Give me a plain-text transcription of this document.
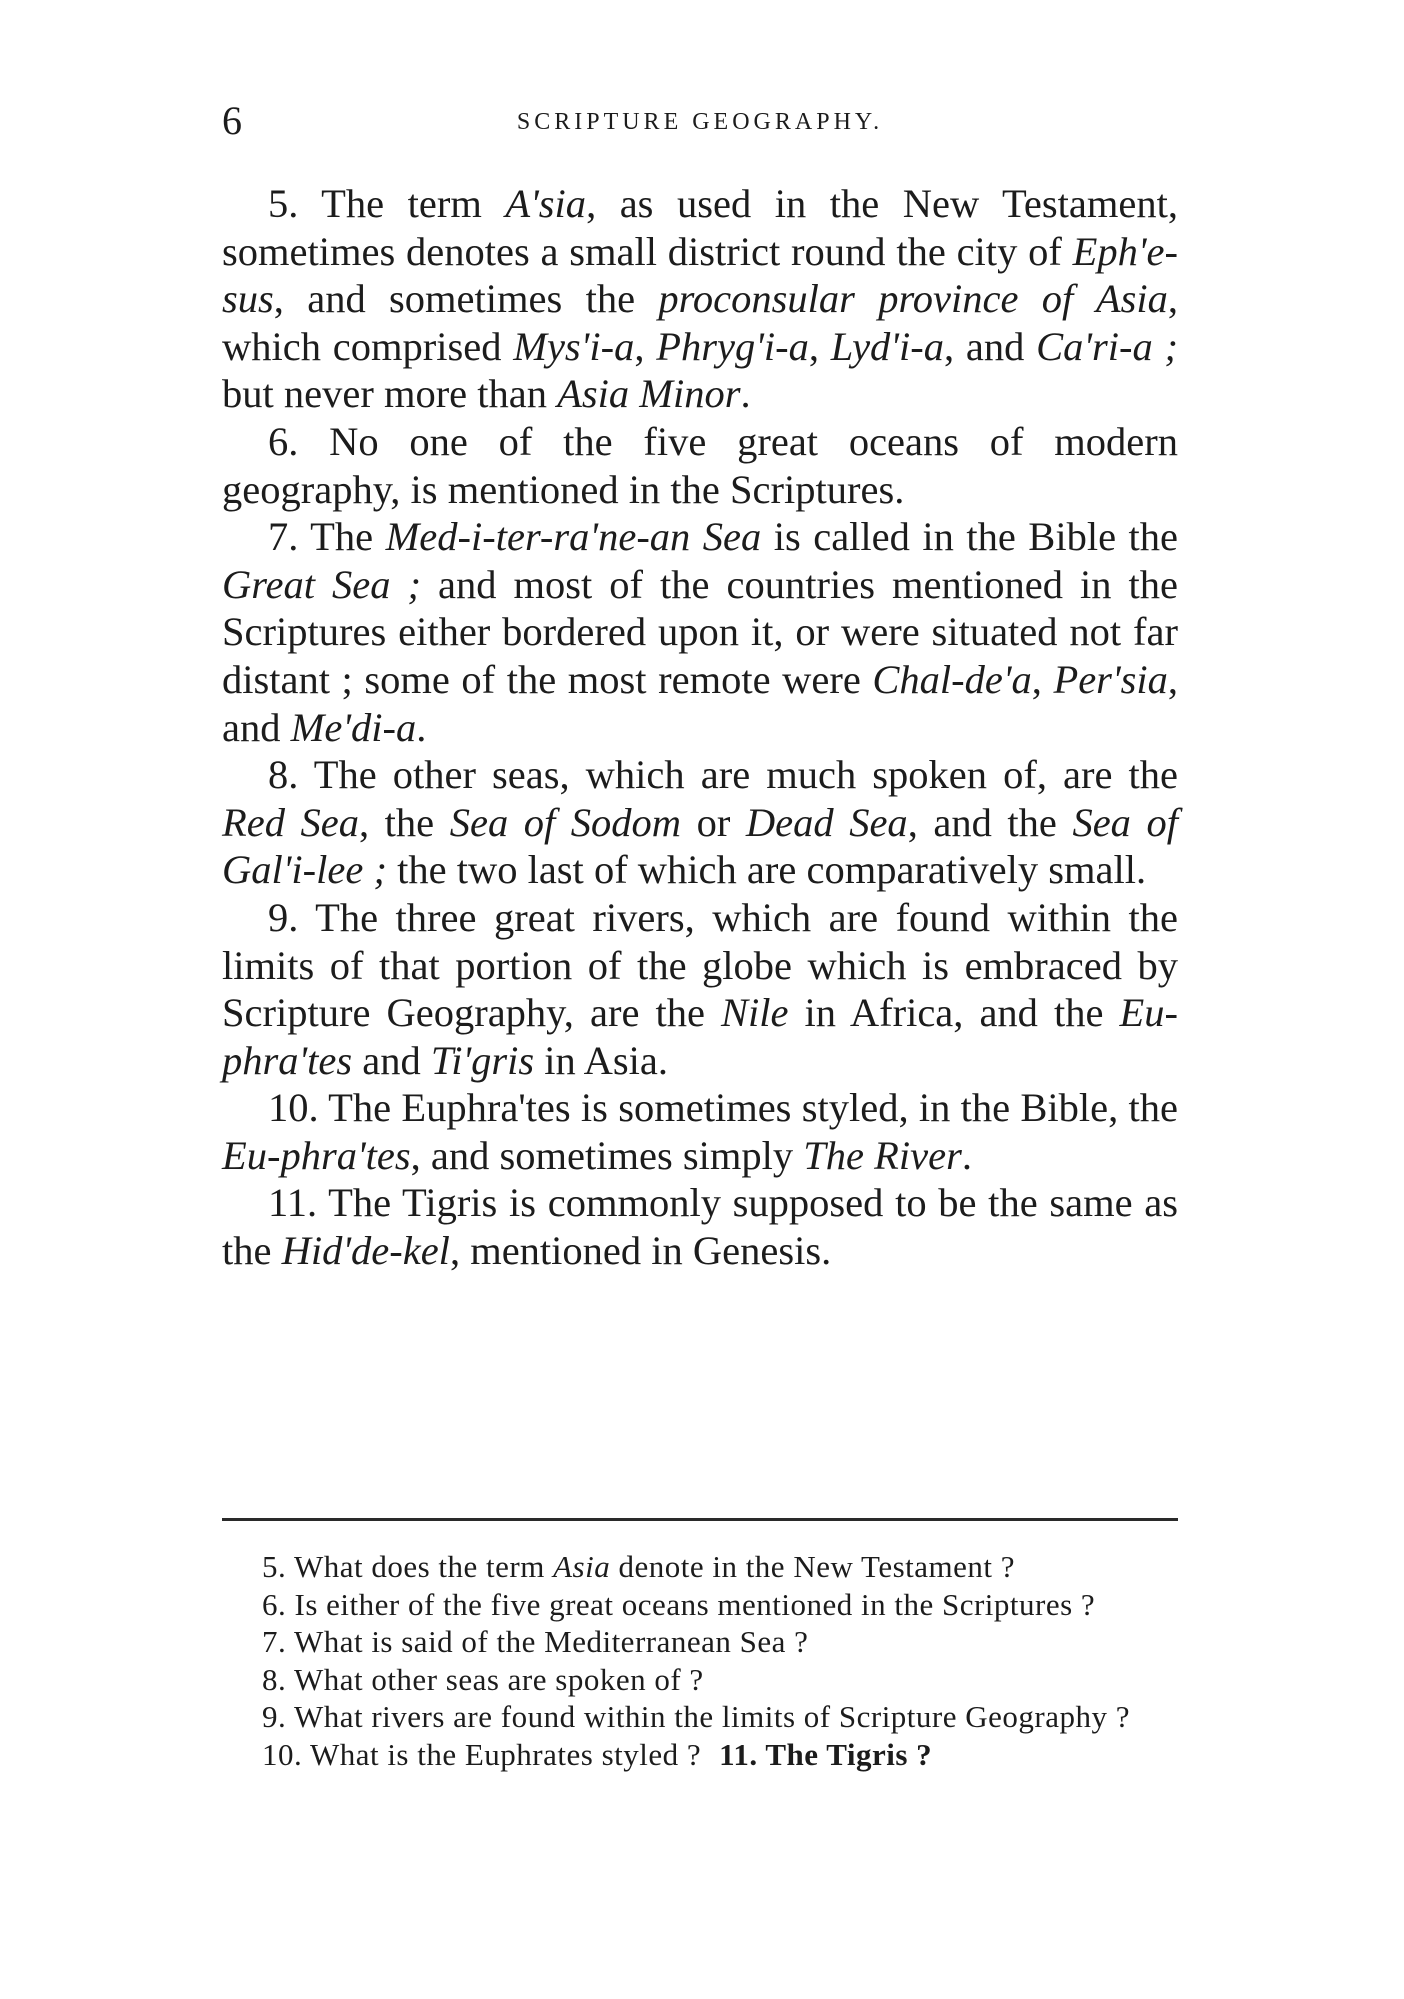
6	SCRIPTURE GEOGRAPHY.

5. The term A'sia, as used in the New Testament, sometimes denotes a small district round the city of Eph'e-sus, and sometimes the proconsular province of Asia, which comprised Mys'i-a, Phryg'i-a, Lyd'i-a, and Ca'ri-a ; but never more than Asia Minor.

6. No one of the five great oceans of modern geography, is mentioned in the Scriptures.

7. The Med-i-ter-ra'ne-an Sea is called in the Bible the Great Sea ; and most of the countries mentioned in the Scriptures either bordered upon it, or were situated not far distant ; some of the most remote were Chal-de'a, Per'sia, and Me'di-a.

8. The other seas, which are much spoken of, are the Red Sea, the Sea of Sodom or Dead Sea, and the Sea of Gal'i-lee ; the two last of which are comparatively small.

9. The three great rivers, which are found within the limits of that portion of the globe which is embraced by Scripture Geography, are the Nile in Africa, and the Eu-phra'tes and Ti'gris in Asia.

10. The Euphra'tes is sometimes styled, in the Bible, the Eu-phra'tes, and sometimes simply The River.

11. The Tigris is commonly supposed to be the same as the Hid'de-kel, mentioned in Genesis.

5. What does the term Asia denote in the New Testament ?

6. Is either of the five great oceans mentioned in the Scriptures ?

7. What is said of the Mediterranean Sea ?

8. What other seas are spoken of ?

9. What rivers are found within the limits of Scripture Geography ?

10. What is the Euphrates styled ? 11. The Tigris ?
